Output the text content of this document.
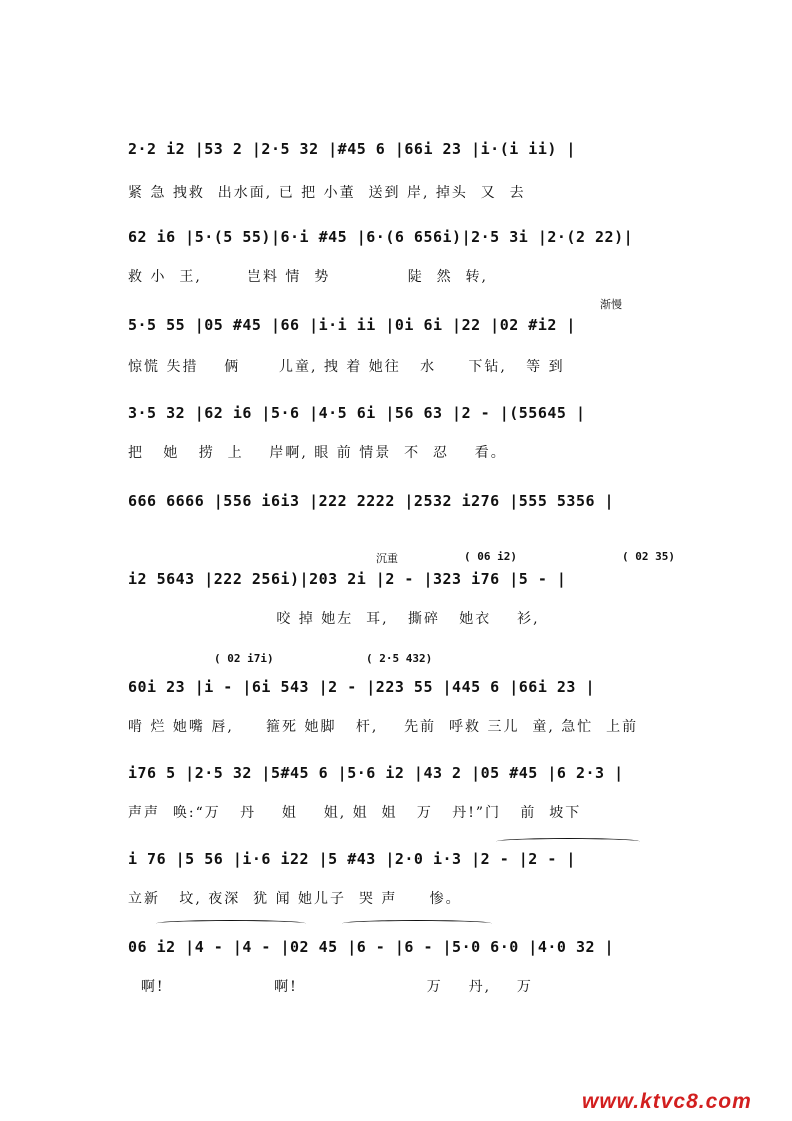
2·2 i2 |53 2 |2·5 32 |#45 6 |66i 23 |i·(i ii) |
紧 急 拽救  出水面, 已 把 小董  送到 岸, 掉头  又  去
62 i6 |5·(5 55)|6·i #45 |6·(6 656i)|2·5 3i |2·(2 22)|
救 小  王,       岂料 情  势            陡  然  转,
渐慢
5·5 55 |05 #45 |66 |i·i ii |0i 6i |22 |02 #i2 |
惊慌 失措    俩      儿童, 拽 着 她往   水     下钻,   等 到
3·5 32 |62 i6 |5·6 |4·5 6i |56 63 |2 - |(55645 |
把   她   捞  上    岸啊, 眼 前 情景  不  忍    看。
666 6666 |556 i6i3 |222 2222 |2532 i276 |555 5356 |
沉重	( 06 i2)	( 02 35)
i2 5643 |222 256i)|203 2i |2 - |323 i76 |5 - |
咬 掉 她左  耳,   撕碎   她衣    衫,
( 02 i7i)	( 2·5 432)
60i 23 |i - |6i 543 |2 - |223 55 |445 6 |66i 23 |
啃 烂 她嘴 唇,     箍死 她脚   杆,    先前  呼救 三儿  童, 急忙  上前
i76 5 |2·5 32 |5#45 6 |5·6 i2 |43 2 |05 #45 |6 2·3 |
声声  唤:“万   丹    姐    姐, 姐  姐   万   丹!”门   前  坡下
i 76 |5 56 |i·6 i22 |5 #43 |2·0 i·3 |2 - |2 - |
立新   坟, 夜深  犹 闻 她儿子  哭 声     惨。
06 i2 |4 - |4 - |02 45 |6 - |6 - |5·0 6·0 |4·0 32 |
啊!                 啊!                    万    丹,    万
www.ktvc8.com
